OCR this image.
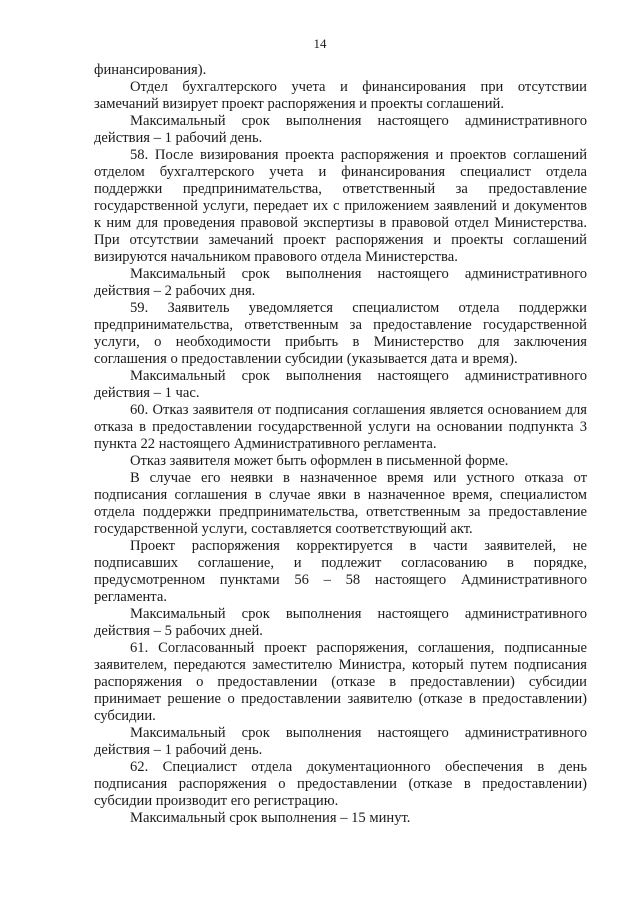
14

финансирования).

Отдел бухгалтерского учета и финансирования при отсутствии замечаний визирует проект распоряжения и проекты соглашений.

Максимальный срок выполнения настоящего административного действия – 1 рабочий день.

58. После визирования проекта распоряжения и проектов соглашений отделом бухгалтерского учета и финансирования специалист отдела поддержки предпринимательства, ответственный за предоставление государственной услуги, передает их с приложением заявлений и документов к ним для проведения правовой экспертизы в правовой отдел Министерства. При отсутствии замечаний проект распоряжения и проекты соглашений визируются начальником правового отдела Министерства.

Максимальный срок выполнения настоящего административного действия – 2 рабочих дня.

59. Заявитель уведомляется специалистом отдела поддержки предпринимательства, ответственным за предоставление государственной услуги, о необходимости прибыть в Министерство для заключения соглашения о предоставлении субсидии (указывается дата и время).

Максимальный срок выполнения настоящего административного действия – 1 час.

60. Отказ заявителя от подписания соглашения является основанием для отказа в предоставлении государственной услуги на основании подпункта 3 пункта 22 настоящего Административного регламента.

Отказ заявителя может быть оформлен в письменной форме.

В случае его неявки в назначенное время или устного отказа от подписания соглашения в случае явки в назначенное время, специалистом отдела поддержки предпринимательства, ответственным за предоставление государственной услуги, составляется соответствующий акт.

Проект распоряжения корректируется в части заявителей, не подписавших соглашение, и подлежит согласованию в порядке, предусмотренном пунктами 56 – 58 настоящего Административного регламента.

Максимальный срок выполнения настоящего административного действия – 5 рабочих дней.

61. Согласованный проект распоряжения, соглашения, подписанные заявителем, передаются заместителю Министра, который путем подписания распоряжения о предоставлении (отказе в предоставлении) субсидии принимает решение о предоставлении заявителю (отказе в предоставлении) субсидии.

Максимальный срок выполнения настоящего административного действия – 1 рабочий день.

62. Специалист отдела документационного обеспечения в день подписания распоряжения о предоставлении (отказе в предоставлении) субсидии производит его регистрацию.

Максимальный срок выполнения – 15 минут.
